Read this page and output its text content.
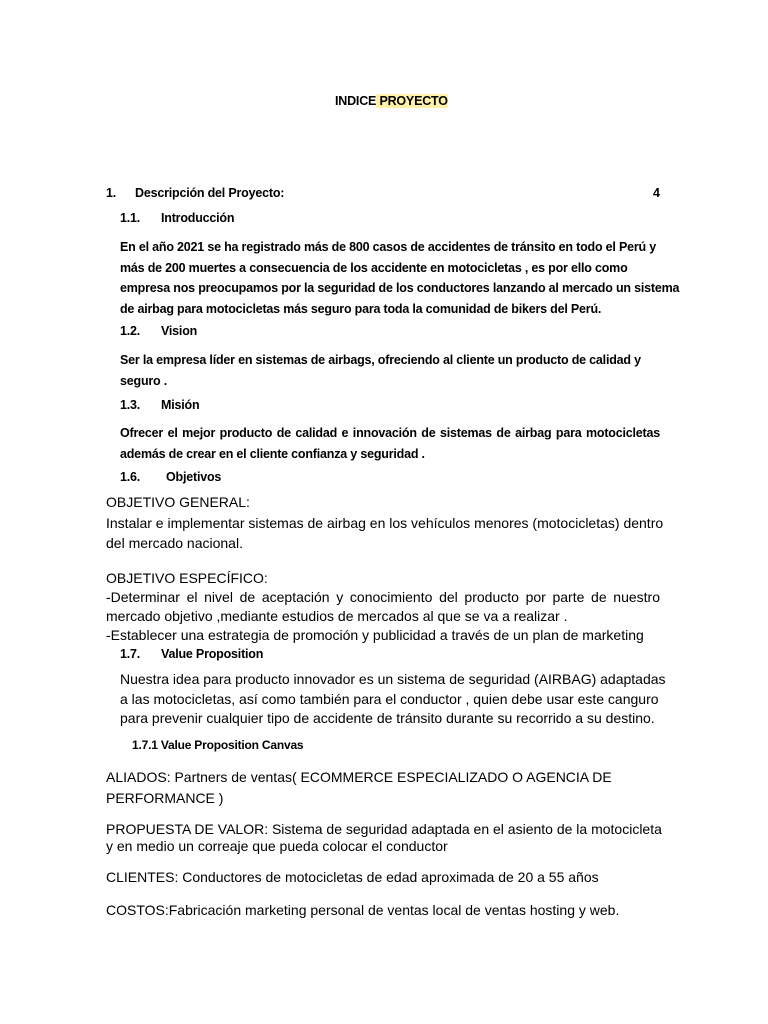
INDICE PROYECTO
1. Descripción del Proyecto:	4
1.1. Introducción
En el año 2021 se ha registrado más de 800 casos de accidentes de tránsito en todo el Perú y
más de 200 muertes a consecuencia de los accidente en motocicletas , es por ello como
empresa nos preocupamos por la seguridad de los conductores lanzando al mercado un sistema
de airbag para motocicletas más seguro para toda la comunidad de bikers del Perú.
1.2. Vision
Ser la empresa líder en sistemas de airbags, ofreciendo al cliente un producto de calidad y
seguro .
1.3. Misión
Ofrecer el mejor producto de calidad e innovación de sistemas de airbag para motocicletas
además de crear en el cliente confianza y seguridad .
1.6. Objetivos
OBJETIVO GENERAL:
Instalar e implementar sistemas de airbag en los vehículos menores (motocicletas) dentro
del mercado nacional.
OBJETIVO ESPECÍFICO:
-Determinar el nivel de aceptación y conocimiento del producto por parte de nuestro
mercado objetivo ,mediante estudios de mercados al que se va a realizar .
-Establecer una estrategia de promoción y publicidad a través de un plan de marketing
1.7. Value Proposition
Nuestra idea para producto innovador es un sistema de seguridad (AIRBAG) adaptadas
a las motocicletas, así como también para el conductor , quien debe usar este canguro
para prevenir cualquier tipo de accidente de tránsito durante su recorrido a su destino.
1.7.1 Value Proposition Canvas
ALIADOS: Partners de ventas( ECOMMERCE ESPECIALIZADO O AGENCIA DE
PERFORMANCE )
PROPUESTA DE VALOR: Sistema de seguridad adaptada en el asiento de la motocicleta
y en medio un correaje que pueda colocar el conductor
CLIENTES: Conductores de motocicletas de edad aproximada de 20 a 55 años
COSTOS:Fabricación marketing personal de ventas local de ventas hosting y web.
